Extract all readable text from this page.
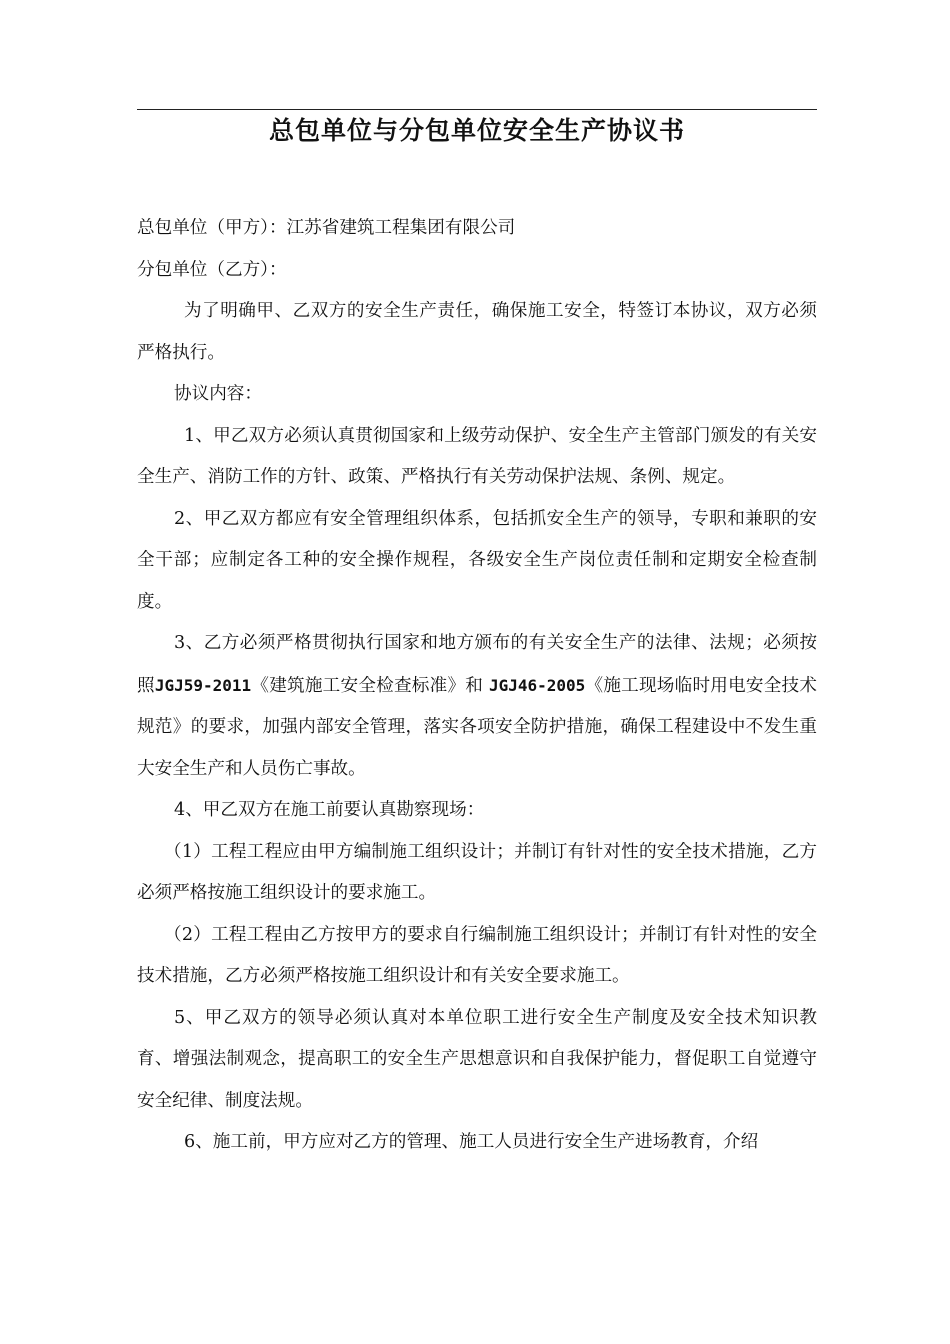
总包单位与分包单位安全生产协议书

总包单位（甲方）：江苏省建筑工程集团有限公司

分包单位（乙方）：

为了明确甲、乙双方的安全生产责任，确保施工安全，特签订本协议，双方必须严格执行。

协议内容：

1、甲乙双方必须认真贯彻国家和上级劳动保护、安全生产主管部门颁发的有关安全生产、消防工作的方针、政策、严格执行有关劳动保护法规、条例、规定。

2、甲乙双方都应有安全管理组织体系，包括抓安全生产的领导，专职和兼职的安全干部；应制定各工种的安全操作规程，各级安全生产岗位责任制和定期安全检查制度。

3、乙方必须严格贯彻执行国家和地方颁布的有关安全生产的法律、法规；必须按照JGJ59-2011《建筑施工安全检查标准》和 JGJ46-2005《施工现场临时用电安全技术规范》的要求，加强内部安全管理，落实各项安全防护措施，确保工程建设中不发生重大安全生产和人员伤亡事故。

4、甲乙双方在施工前要认真勘察现场：

（1）工程工程应由甲方编制施工组织设计；并制订有针对性的安全技术措施，乙方必须严格按施工组织设计的要求施工。

（2）工程工程由乙方按甲方的要求自行编制施工组织设计；并制订有针对性的安全技术措施，乙方必须严格按施工组织设计和有关安全要求施工。

5、甲乙双方的领导必须认真对本单位职工进行安全生产制度及安全技术知识教育、增强法制观念，提高职工的安全生产思想意识和自我保护能力，督促职工自觉遵守安全纪律、制度法规。

6、施工前，甲方应对乙方的管理、施工人员进行安全生产进场教育，介绍
